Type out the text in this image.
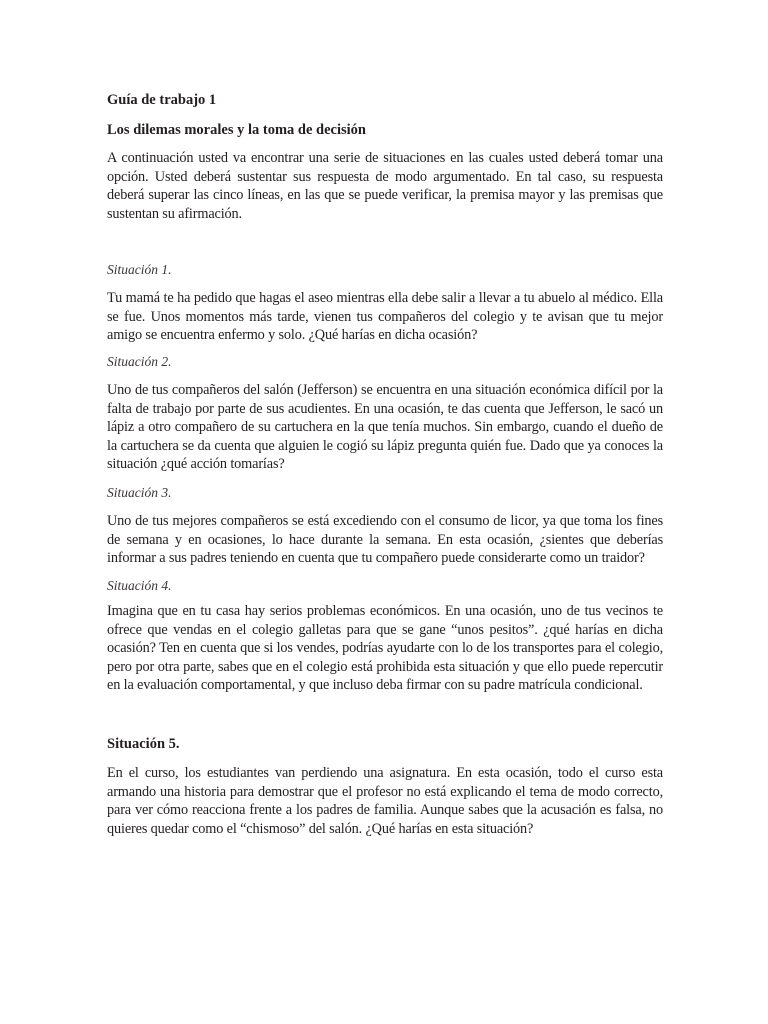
Guía de trabajo 1

Los dilemas morales y la toma de decisión

A continuación usted va encontrar una serie de situaciones en las cuales usted deberá tomar una opción. Usted deberá sustentar sus respuesta de modo argumentado. En tal caso, su respuesta deberá superar las cinco líneas, en las que se puede verificar, la premisa mayor y las premisas que sustentan su afirmación.

Situación 1.

Tu mamá te ha pedido que hagas el aseo mientras ella debe salir a llevar a tu abuelo al médico. Ella se fue. Unos momentos más tarde, vienen tus compañeros del colegio y te avisan que tu mejor amigo se encuentra enfermo y solo. ¿Qué harías en dicha ocasión?

Situación 2.

Uno de tus compañeros del salón (Jefferson) se encuentra en una situación económica difícil por la falta de trabajo por parte de sus acudientes. En una ocasión, te das cuenta que Jefferson, le sacó un lápiz a otro compañero de su cartuchera en la que tenía muchos. Sin embargo, cuando el dueño de la cartuchera se da cuenta que alguien le cogió su lápiz pregunta quién fue. Dado que ya conoces la situación ¿qué acción tomarías?

Situación 3.

Uno de tus mejores compañeros se está excediendo con el consumo de licor, ya que toma los fines de semana y en ocasiones, lo hace durante la semana. En esta ocasión, ¿sientes que deberías informar a sus padres teniendo en cuenta que tu compañero puede considerarte como un traidor?

Situación 4.

Imagina que en tu casa hay serios problemas económicos. En una ocasión, uno de tus vecinos te ofrece que vendas en el colegio galletas para que se gane “unos pesitos”. ¿qué harías en dicha ocasión? Ten en cuenta que si los vendes, podrías ayudarte con lo de los transportes para el colegio, pero por otra parte, sabes que en el colegio está prohibida esta situación y que ello puede repercutir en la evaluación comportamental, y que incluso deba firmar con su padre matrícula condicional.

Situación 5.

En el curso, los estudiantes van perdiendo una asignatura. En esta ocasión, todo el curso esta armando una historia para demostrar que el profesor no está explicando el tema de modo correcto, para ver cómo reacciona frente a los padres de familia. Aunque sabes que la acusación es falsa, no quieres quedar como el “chismoso” del salón. ¿Qué harías en esta situación?
